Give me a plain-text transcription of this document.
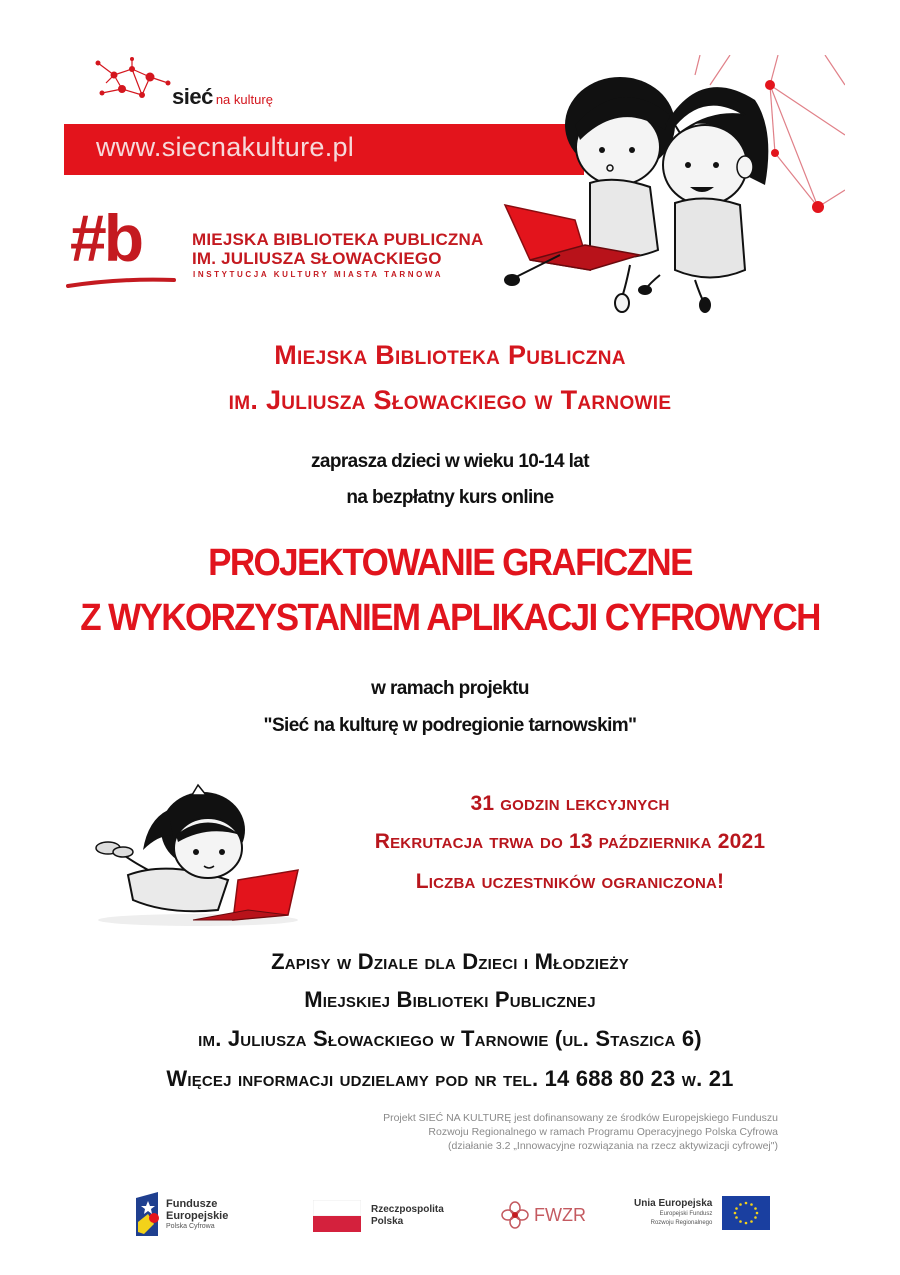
sieć na kulturę
www.siecnakulture.pl
#b	MIEJSKA BIBLIOTEKA PUBLICZNA
IM. JULIUSZA SŁOWACKIEGO
INSTYTUCJA KULTURY MIASTA TARNOWA
Miejska Biblioteka Publiczna
im. Juliusza Słowackiego w Tarnowie
zaprasza dzieci w wieku 10-14 lat
na bezpłatny kurs online
PROJEKTOWANIE GRAFICZNE
Z WYKORZYSTANIEM APLIKACJI CYFROWYCH
w ramach projektu
"Sieć na kulturę w podregionie tarnowskim"
31 godzin lekcyjnych
Rekrutacja trwa do 13 października 2021
Liczba uczestników ograniczona!
Zapisy w Dziale dla Dzieci i Młodzieży
Miejskiej Biblioteki Publicznej
im. Juliusza Słowackiego w Tarnowie (ul. Staszica 6)
Więcej informacji udzielamy pod nr tel. 14 688 80 23 w. 21
Projekt SIEĆ NA KULTURĘ jest dofinansowany ze środków Europejskiego Funduszu
Rozwoju Regionalnego w ramach Programu Operacyjnego Polska Cyfrowa
(działanie 3.2 „Innowacyjne rozwiązania na rzecz aktywizacji cyfrowej")
Fundusze
Europejskie
Polska Cyfrowa
Rzeczpospolita
Polska	FWZR
Unia Europejska
Europejski Fundusz
Rozwoju Regionalnego
